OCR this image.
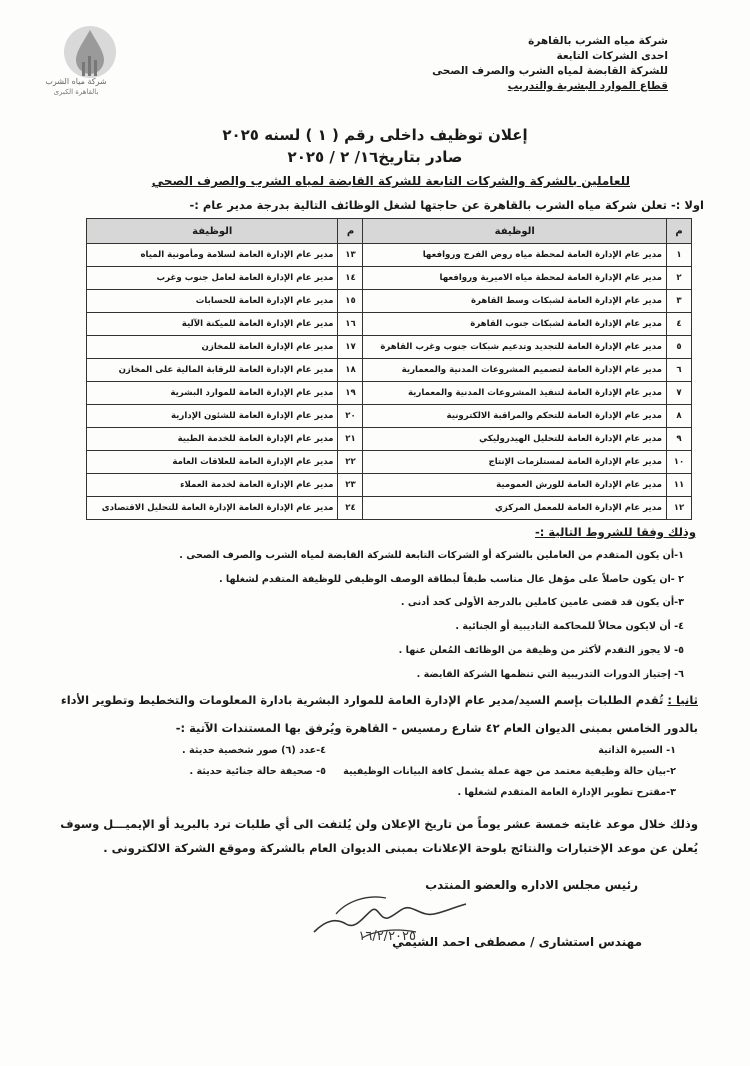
شركة مياه الشرب
بالقاهرة الكبرى
شركة مياه الشرب بالقاهرة
احدى الشركات التابعة
للشركة القابضة لمياه الشرب والصرف الصحى
قطاع الموارد البشرية والتدريب
إعلان توظيف داخلى رقم ( ١ ) لسنه ٢٠٢٥
صادر بتاريخ١٦/ ٢ / ٢٠٢٥
للعاملين بالشركة والشركات التابعة للشركة القابضة لمياه الشرب والصرف الصحي
اولا :- تعلن شركة مياه الشرب بالقاهرة عن حاجتها لشغل الوظائف التالية بدرجة مدير عام :-
م	الوظيفة	م	الوظيفة
١	مدير عام الإدارة العامة لمحطة مياه روض الفرج وروافعها	١٣	مدير عام الإدارة العامة لسلامة ومأمونية المياه
٢	مدير عام الإدارة العامة لمحطة مياه الاميرية وروافعها	١٤	مدير عام الإدارة العامة لعامل جنوب وغرب
٣	مدير عام الإدارة العامة لشبكات وسط القاهرة	١٥	مدير عام الإدارة العامة للحسابات
٤	مدير عام الإدارة العامة لشبكات جنوب القاهرة	١٦	مدير عام الإدارة العامة للميكنة الآلية
٥	مدير عام الإدارة العامة للتجديد وتدعيم شبكات جنوب وغرب القاهرة	١٧	مدير عام الإدارة العامة للمخازن
٦	مدير عام الإدارة العامة لتصميم المشروعات المدنية والمعمارية	١٨	مدير عام الإدارة العامة للرقابة المالية على المخازن
٧	مدير عام الإدارة العامة لتنفيذ المشروعات المدنية والمعمارية	١٩	مدير عام الإدارة العامة للموارد البشرية
٨	مدير عام الإدارة العامة للتحكم والمراقبة الالكترونية	٢٠	مدير عام الإدارة العامة للشئون الإدارية
٩	مدير عام الإدارة العامة للتحليل الهيدروليكي	٢١	مدير عام الإدارة العامة للخدمة الطبية
١٠	مدير عام الإدارة العامة لمستلزمات الإنتاج	٢٢	مدير عام الإدارة العامة للعلاقات العامة
١١	مدير عام الإدارة العامة للورش العمومية	٢٣	مدير عام الإدارة العامة لخدمة العملاء
١٢	مدير عام الإدارة العامة للمعمل المركزي	٢٤	مدير عام الإدارة العامة الإدارة العامة للتحليل الاقتصادى
وذلك وفقا للشروط التالية :-
١-أن يكون المتقدم من العاملين بالشركة أو الشركات التابعة للشركة القابضة لمياه الشرب والصرف الصحى .
٢ -ان يكون حاصلاً على مؤهل عال مناسب طبقاً لبطاقة الوصف الوظيفي للوظيفة المتقدم لشغلها .
٣-أن يكون قد قضى عامين كاملين بالدرجة الأولى كحد أدنى .
٤- أن لايكون محالاً للمحاكمة التاديبية أو الجنائية .
٥- لا يجوز التقدم لأكثر من وظيفة من الوظائف المُعلن عنها .
٦- إجتياز الدورات التدريبية التي تنظمها الشركة القابضة .
ثانيا : تُقدم الطلبات بإسم السيد/مدير عام الإدارة العامة للموارد البشرية بادارة المعلومات والتخطيط وتطوير الأداء بالدور الخامس بمبنى الديوان العام ٤٢ شارع رمسيس - القاهرة ويُرفق بها المستندات الآتية :-
١- السيرة الذاتية
٤-عدد (٦) صور شخصية حديثة .
٢-بيان حالة وظيفية معتمد من جهة عملة يشمل كافة البيانات الوظيفيية
٥- صحيفة حالة جنائية حديثة .
٣-مقترح تطوير الإدارة العامة المتقدم لشغلها .
وذلك خلال موعد غايته خمسة عشر يوماً من تاريخ الإعلان ولن يُلتفت الى أي طلبات ترد بالبريد أو الإيميـــل وسوف يُعلن عن موعد الإختبارات والنتائج بلوحة الإعلانات بمبنى الديوان العام بالشركة وموقع الشركة الالكترونى .
رئيس مجلس الاداره والعضو المنتدب
١٦/٢/٢٠٢٥
مهندس استشارى / مصطفى احمد الشيمي
